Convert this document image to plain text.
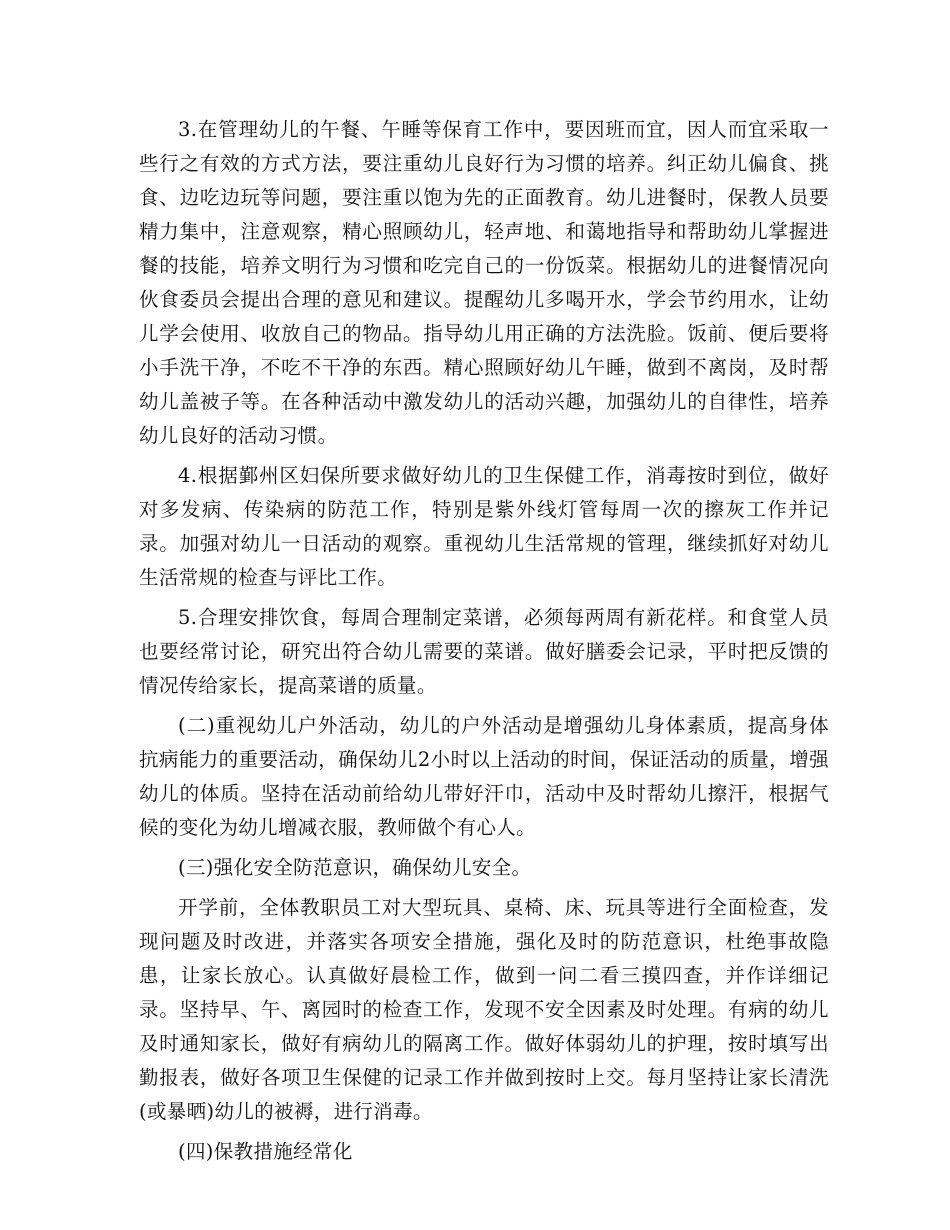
3.在管理幼儿的午餐、午睡等保育工作中，要因班而宜，因人而宜采取一些行之有效的方式方法，要注重幼儿良好行为习惯的培养。纠正幼儿偏食、挑食、边吃边玩等问题，要注重以饱为先的正面教育。幼儿进餐时，保教人员要精力集中，注意观察，精心照顾幼儿，轻声地、和蔼地指导和帮助幼儿掌握进餐的技能，培养文明行为习惯和吃完自己的一份饭菜。根据幼儿的进餐情况向伙食委员会提出合理的意见和建议。提醒幼儿多喝开水，学会节约用水，让幼儿学会使用、收放自己的物品。指导幼儿用正确的方法洗脸。饭前、便后要将小手洗干净，不吃不干净的东西。精心照顾好幼儿午睡，做到不离岗，及时帮幼儿盖被子等。在各种活动中激发幼儿的活动兴趣，加强幼儿的自律性，培养幼儿良好的活动习惯。

4.根据鄞州区妇保所要求做好幼儿的卫生保健工作，消毒按时到位，做好对多发病、传染病的防范工作，特别是紫外线灯管每周一次的擦灰工作并记录。加强对幼儿一日活动的观察。重视幼儿生活常规的管理，继续抓好对幼儿生活常规的检查与评比工作。

5.合理安排饮食，每周合理制定菜谱，必须每两周有新花样。和食堂人员也要经常讨论，研究出符合幼儿需要的菜谱。做好膳委会记录，平时把反馈的情况传给家长，提高菜谱的质量。

(二)重视幼儿户外活动，幼儿的户外活动是增强幼儿身体素质，提高身体抗病能力的重要活动，确保幼儿2小时以上活动的时间，保证活动的质量，增强幼儿的体质。坚持在活动前给幼儿带好汗巾，活动中及时帮幼儿擦汗，根据气候的变化为幼儿增减衣服，教师做个有心人。

(三)强化安全防范意识，确保幼儿安全。

开学前，全体教职员工对大型玩具、桌椅、床、玩具等进行全面检查，发现问题及时改进，并落实各项安全措施，强化及时的防范意识，杜绝事故隐患，让家长放心。认真做好晨检工作，做到一问二看三摸四查，并作详细记录。坚持早、午、离园时的检查工作，发现不安全因素及时处理。有病的幼儿及时通知家长，做好有病幼儿的隔离工作。做好体弱幼儿的护理，按时填写出勤报表，做好各项卫生保健的记录工作并做到按时上交。每月坚持让家长清洗(或暴晒)幼儿的被褥，进行消毒。

(四)保教措施经常化
